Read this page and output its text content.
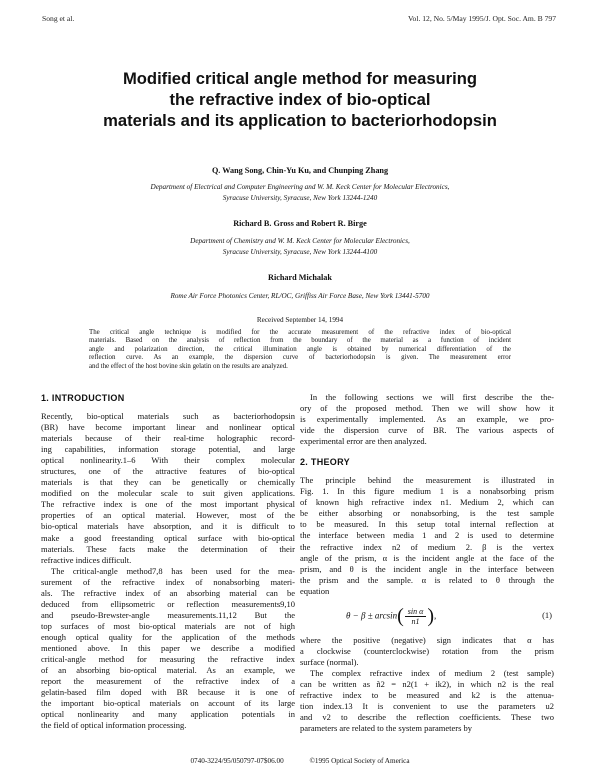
Song et al.	Vol. 12, No. 5/May 1995/J. Opt. Soc. Am. B 797
Modified critical angle method for measuring
the refractive index of bio-optical
materials and its application to bacteriorhodopsin
Q. Wang Song, Chin-Yu Ku, and Chunping Zhang
Department of Electrical and Computer Engineering and W. M. Keck Center for Molecular Electronics,
Syracuse University, Syracuse, New York 13244-1240
Richard B. Gross and Robert R. Birge
Department of Chemistry and W. M. Keck Center for Molecular Electronics,
Syracuse University, Syracuse, New York 13244-4100
Richard Michalak
Rome Air Force Photonics Center, RL/OC, Griffiss Air Force Base, New York 13441-5700
Received September 14, 1994
The critical angle technique is modified for the accurate measurement of the refractive index of bio-optical
materials. Based on the analysis of reflection from the boundary of the material as a function of incident
angle and polarization direction, the critical illumination angle is obtained by numerical differentiation of the
reflection curve. As an example, the dispersion curve of bacteriorhodopsin is given. The measurement error
and the effect of the host bovine skin gelatin on the results are analyzed.
1. INTRODUCTION
Recently, bio-optical materials such as bacteriorhodopsin
(BR) have become important linear and nonlinear optical
materials because of their real-time holographic record-
ing capabilities, information storage potential, and large
optical nonlinearity.1–6 With their complex molecular
structures, one of the attractive features of bio-optical
materials is that they can be genetically or chemically
modified on the molecular scale to suit given applications.
The refractive index is one of the most important physical
properties of an optical material. However, most of the
bio-optical materials have absorption, and it is difficult to
make a good freestanding optical surface with bio-optical
materials. These facts make the determination of their
refractive indices difficult.
The critical-angle method7,8 has been used for the mea-
surement of the refractive index of nonabsorbing materi-
als. The refractive index of an absorbing material can be
deduced from ellipsometric or reflection measurements9,10
and pseudo-Brewster-angle measurements.11,12 But the
top surfaces of most bio-optical materials are not of high
enough optical quality for the application of the methods
mentioned above. In this paper we describe a modified
critical-angle method for measuring the refractive index
of an absorbing bio-optical material. As an example, we
report the measurement of the refractive index of a
gelatin-based film doped with BR because it is one of
the important bio-optical materials on account of its large
optical nonlinearity and many application potentials in
the field of optical information processing.
In the following sections we will first describe the the-
ory of the proposed method. Then we will show how it
is experimentally implemented. As an example, we pro-
vide the dispersion curve of BR. The various aspects of
experimental error are then analyzed.
2. THEORY
The principle behind the measurement is illustrated in
Fig. 1. In this figure medium 1 is a nonabsorbing prism
of known high refractive index n1. Medium 2, which can
be either absorbing or nonabsorbing, is the test sample
to be measured. In this setup total internal reflection at
the interface between media 1 and 2 is used to determine
the refractive index n2 of medium 2. β is the vertex
angle of the prism, α is the incident angle at the face of the
prism, and θ is the incident angle in the interface between
the prism and the sample. α is related to θ through the
equation
$\theta - \beta \pm \arcsin( \frac{\text{sin α}}{n1}$ ),	(1)
where the positive (negative) sign indicates that α has
a clockwise (counterclockwise) rotation from the prism
surface (normal).
The complex refractive index of medium 2 (test sample)
can be written as ñ2 = n2(1 + ik2), in which n2 is the real
refractive index to be measured and k2 is the attenua-
tion index.13 It is convenient to use the parameters u2
and v2 to describe the reflection coefficients. These two
parameters are related to the system parameters by
0740-3224/95/050797-07$06.00	©1995 Optical Society of America
